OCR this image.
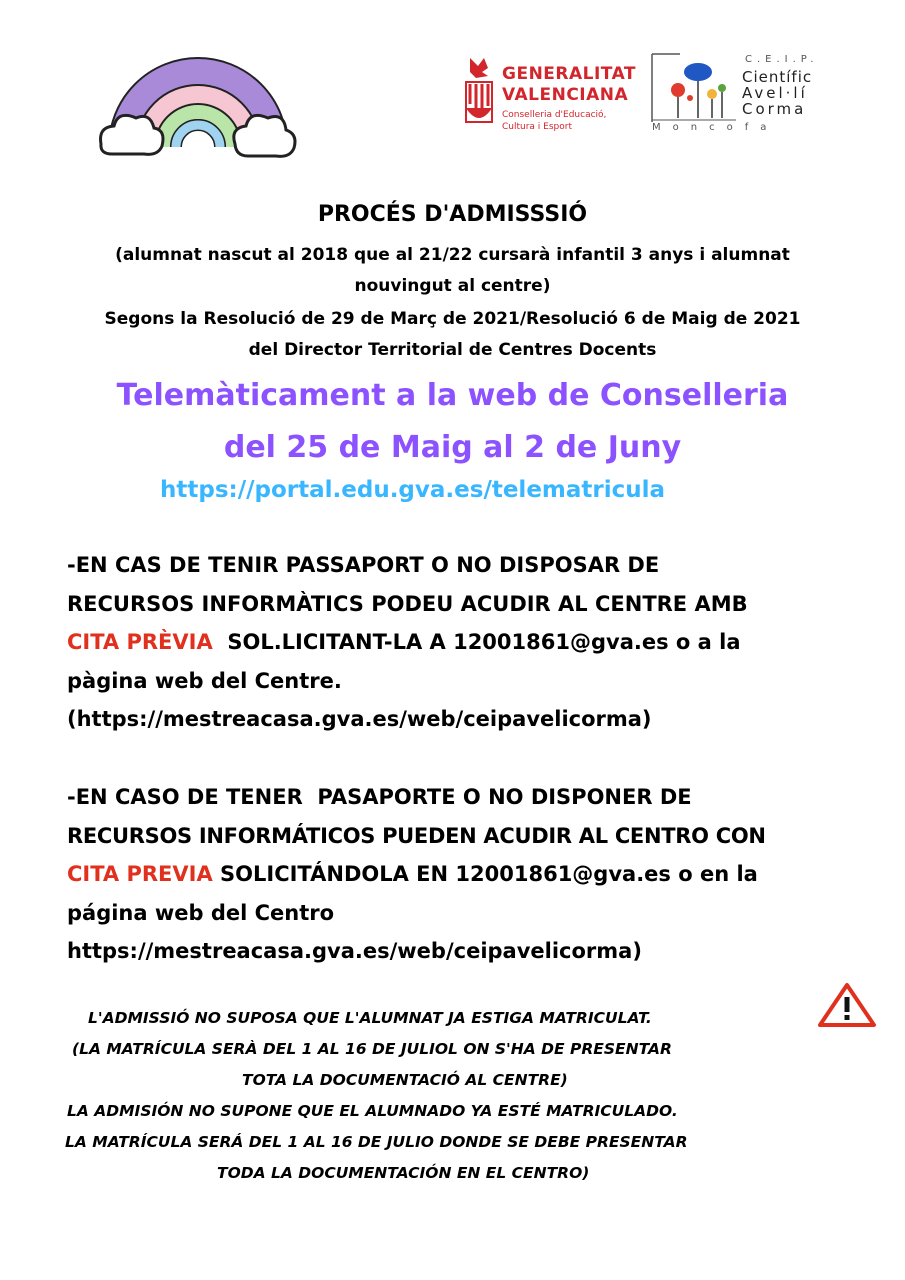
GENERALITAT
VALENCIANA
Conselleria d'Educació,
Cultura i Esport
C.E.I.P.
Científic
Avel·lí
Corma
Moncofa
PROCÉS D'ADMISSSIÓ
(alumnat nascut al 2018 que al 21/22 cursarà infantil 3 anys i alumnat
nouvingut al centre)
Segons la Resolució de 29 de Març de 2021/Resolució 6 de Maig de 2021
del Director Territorial de Centres Docents
Telemàticament a la web de Conselleria
del 25 de Maig al 2 de Juny
https://portal.edu.gva.es/telematricula
-EN CAS DE TENIR PASSAPORT O NO DISPOSAR DE
RECURSOS INFORMÀTICS PODEU ACUDIR AL CENTRE AMB
CITA PRÈVIA  SOL.LICITANT-LA A 12001861@gva.es o a la
pàgina web del Centre.
(https://mestreacasa.gva.es/web/ceipavelicorma)
-EN CASO DE TENER  PASAPORTE O NO DISPONER DE
RECURSOS INFORMÁTICOS PUEDEN ACUDIR AL CENTRO CON
CITA PREVIA SOLICITÁNDOLA EN 12001861@gva.es o en la
página web del Centro
https://mestreacasa.gva.es/web/ceipavelicorma)
L'ADMISSIÓ NO SUPOSA QUE L'ALUMNAT JA ESTIGA MATRICULAT.
(LA MATRÍCULA SERÀ DEL 1 AL 16 DE JULIOL ON S'HA DE PRESENTAR
TOTA LA DOCUMENTACIÓ AL CENTRE)
LA ADMISIÓN NO SUPONE QUE EL ALUMNADO YA ESTÉ MATRICULADO.
LA MATRÍCULA SERÁ DEL 1 AL 16 DE JULIO DONDE SE DEBE PRESENTAR
TODA LA DOCUMENTACIÓN EN EL CENTRO)
